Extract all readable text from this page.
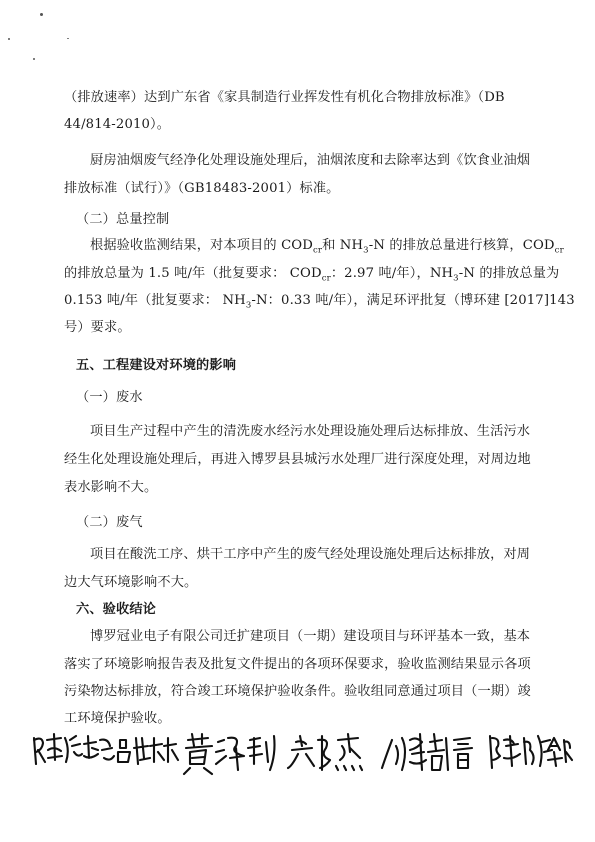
（排放速率）达到广东省《家具制造行业挥发性有机化合物排放标准》（DB
44/814-2010）。
厨房油烟废气经净化处理设施处理后，油烟浓度和去除率达到《饮食业油烟
排放标准（试行）》（GB18483-2001）标准。
（二）总量控制
根据验收监测结果，对本项目的 $COD_{cr}$和 $NH_3-N$ 的排放总量进行核算，$COD_{cr}$
的排放总量为 1.5 吨/年（批复要求： $COD_{cr}$：2.97 吨/年），$NH_3-N$ 的排放总量为
0.153 吨/年（批复要求： $NH_3-N$：0.33 吨/年），满足环评批复（博环建 [2017]143
号）要求。
五、工程建设对环境的影响
（一）废水
项目生产过程中产生的清洗废水经污水处理设施处理后达标排放、生活污水
经生化处理设施处理后，再进入博罗县县城污水处理厂进行深度处理，对周边地
表水影响不大。
（二）废气
项目在酸洗工序、烘干工序中产生的废气经处理设施处理后达标排放，对周
边大气环境影响不大。
六、验收结论
博罗冠业电子有限公司迁扩建项目（一期）建设项目与环评基本一致，基本
落实了环境影响报告表及批复文件提出的各项环保要求，验收监测结果显示各项
污染物达标排放，符合竣工环境保护验收条件。验收组同意通过项目（一期）竣
工环境保护验收。
